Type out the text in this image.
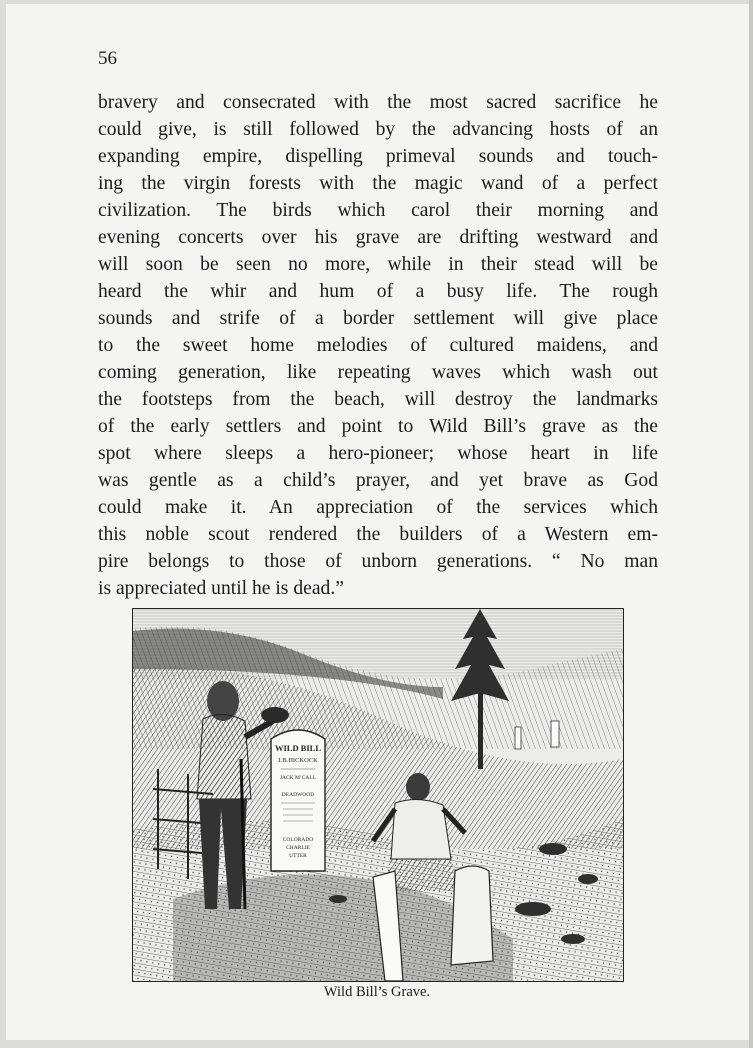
56
bravery and consecrated with the most sacred sacrifice he
could give, is still followed by the advancing hosts of an
expanding empire, dispelling primeval sounds and touch-
ing the virgin forests with the magic wand of a perfect
civilization. The birds which carol their morning and
evening concerts over his grave are drifting westward and
will soon be seen no more, while in their stead will be
heard the whir and hum of a busy life. The rough
sounds and strife of a border settlement will give place
to the sweet home melodies of cultured maidens, and
coming generation, like repeating waves which wash out
the footsteps from the beach, will destroy the landmarks
of the early settlers and point to Wild Bill’s grave as the
spot where sleeps a hero-pioneer; whose heart in life
was gentle as a child’s prayer, and yet brave as God
could make it. An appreciation of the services which
this noble scout rendered the builders of a Western em-
pire belongs to those of unborn generations. “ No man
is appreciated until he is dead.”
WILD BILL
J.B.HICKOCK
JACK MʼCALL
DEADWOOD
COLORADO
CHARLIE
UTTER
Wild Bill’s Grave.
